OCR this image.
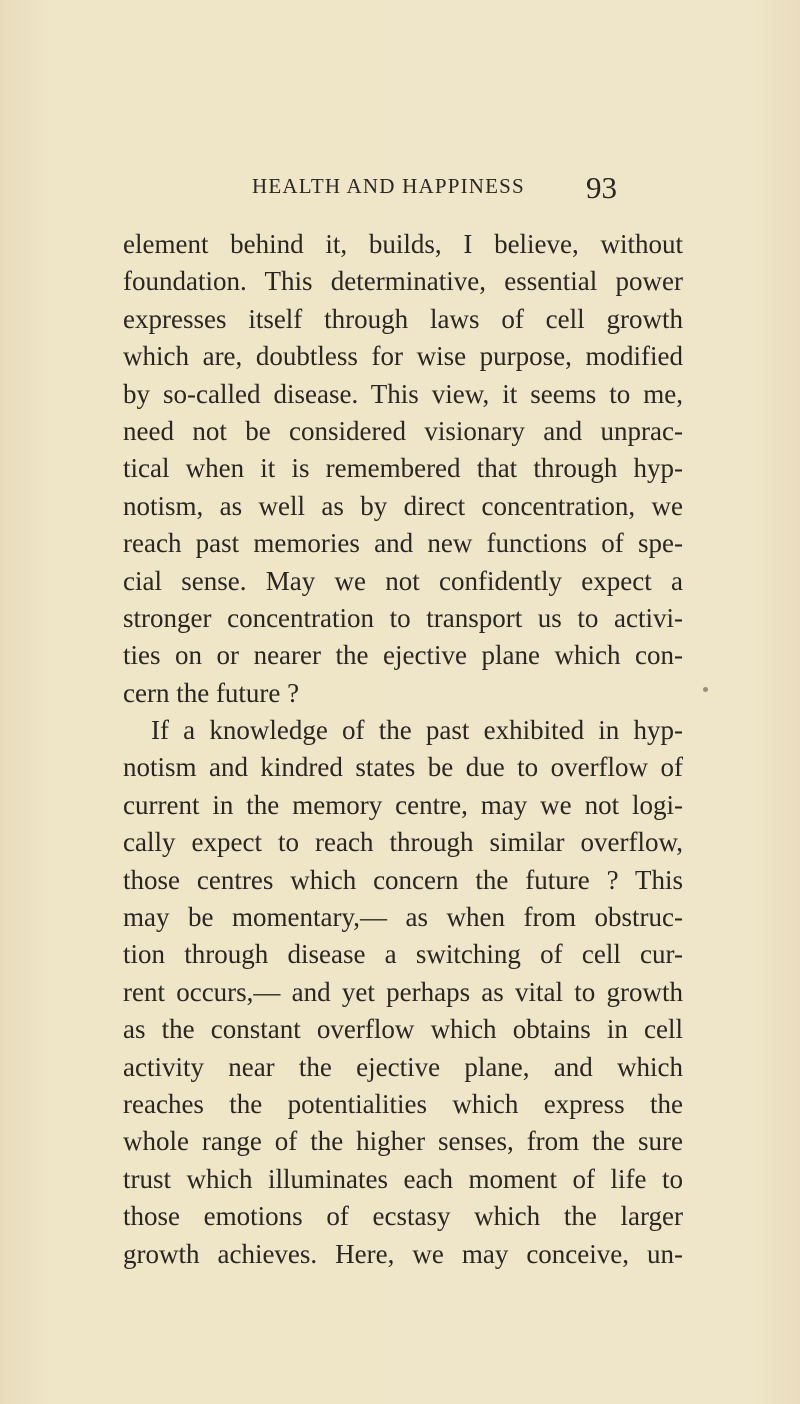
HEALTH AND HAPPINESS 93
element behind it, builds, I believe, without
foundation. This determinative, essential power
expresses itself through laws of cell growth
which are, doubtless for wise purpose, modified
by so-called disease. This view, it seems to me,
need not be considered visionary and unprac-
tical when it is remembered that through hyp-
notism, as well as by direct concentration, we
reach past memories and new functions of spe-
cial sense. May we not confidently expect a
stronger concentration to transport us to activi-
ties on or nearer the ejective plane which con-
cern the future ?
If a knowledge of the past exhibited in hyp-
notism and kindred states be due to overflow of
current in the memory centre, may we not logi-
cally expect to reach through similar overflow,
those centres which concern the future ? This
may be momentary,— as when from obstruc-
tion through disease a switching of cell cur-
rent occurs,— and yet perhaps as vital to growth
as the constant overflow which obtains in cell
activity near the ejective plane, and which
reaches the potentialities which express the
whole range of the higher senses, from the sure
trust which illuminates each moment of life to
those emotions of ecstasy which the larger
growth achieves. Here, we may conceive, un-
